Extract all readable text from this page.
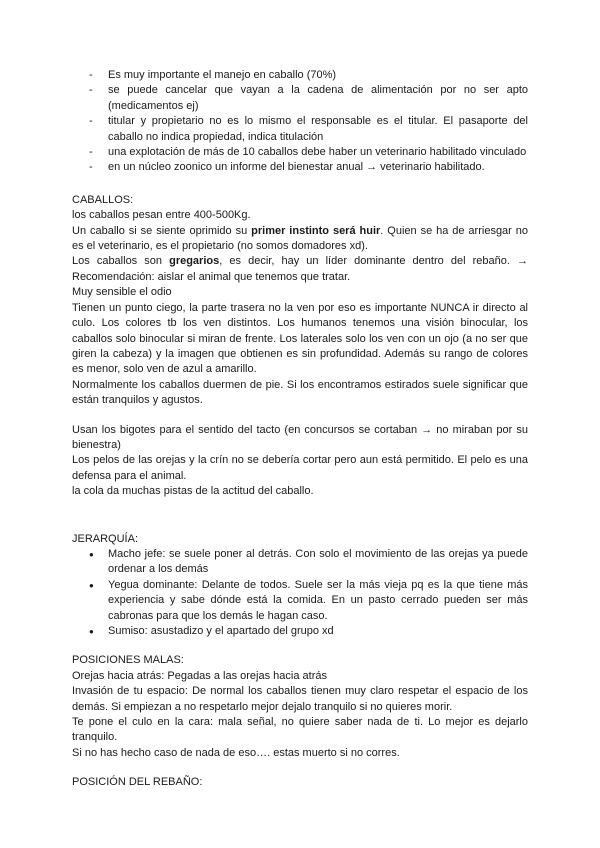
- Es muy importante el manejo en caballo (70%)
- se puede cancelar que vayan a la cadena de alimentación por no ser apto (medicamentos ej)
- titular y propietario no es lo mismo el responsable es el titular. El pasaporte del caballo no indica propiedad, indica titulación
- una explotación de más de 10 caballos debe haber un veterinario habilitado vinculado
- en un núcleo zoonico un informe del bienestar anual → veterinario habilitado.

CABALLOS:

los caballos pesan entre 400-500Kg.

Un caballo si se siente oprimido su primer instinto será huir. Quien se ha de arriesgar no es el veterinario, es el propietario (no somos domadores xd).

Los caballos son gregarios, es decir, hay un líder dominante dentro del rebaño. → Recomendación: aislar el animal que tenemos que tratar.

Muy sensible el odio

Tienen un punto ciego, la parte trasera no la ven por eso es importante NUNCA ir directo al culo. Los colores tb los ven distintos. Los humanos tenemos una visión binocular, los caballos solo binocular si miran de frente. Los laterales solo los ven con un ojo (a no ser que giren la cabeza) y la imagen que obtienen es sin profundidad. Además su rango de colores es menor, solo ven de azul a amarillo.

Normalmente los caballos duermen de pie. Si los encontramos estirados suele significar que están tranquilos y agustos.

Usan los bigotes para el sentido del tacto (en concursos se cortaban → no miraban por su bienestra)

Los pelos de las orejas y la crín no se debería cortar pero aun está permitido. El pelo es una defensa para el animal.

la cola da muchas pistas de la actitud del caballo.

JERARQUÍA:

● Macho jefe: se suele poner al detrás. Con solo el movimiento de las orejas ya puede ordenar a los demás
● Yegua dominante: Delante de todos. Suele ser la más vieja pq es la que tiene más experiencia y sabe dónde está la comida. En un pasto cerrado pueden ser más cabronas para que los demás le hagan caso.
● Sumiso: asustadizo y el apartado del grupo xd

POSICIONES MALAS:

Orejas hacia atrás: Pegadas a las orejas hacia atrás

Invasión de tu espacio: De normal los caballos tienen muy claro respetar el espacio de los demás. Si empiezan a no respetarlo mejor dejalo tranquilo si no quieres morir.

Te pone el culo en la cara: mala señal, no quiere saber nada de ti. Lo mejor es dejarlo tranquilo.

Si no has hecho caso de nada de eso…. estas muerto si no corres.

POSICIÓN DEL REBAÑO:
